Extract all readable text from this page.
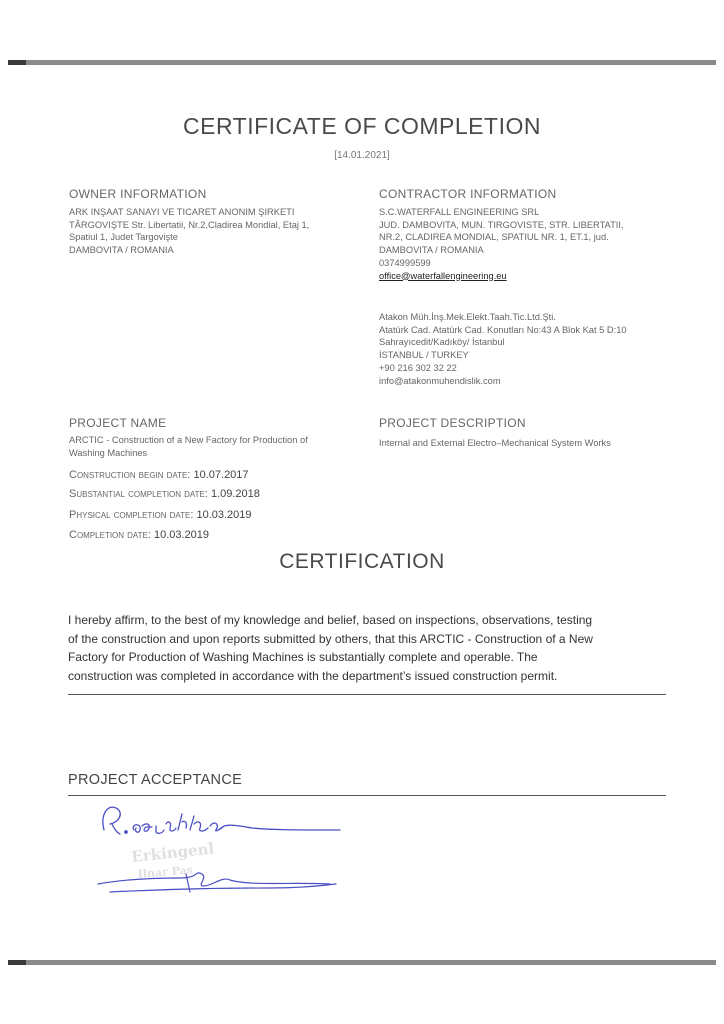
CERTIFICATE OF COMPLETION
[14.01.2021]
OWNER INFORMATION
ARK INŞAAT SANAYI VE TICARET ANONIM ŞIRKETI
TÂRGOVIŞTE Str. Libertatii, Nr.2,Cladirea Mondial, Etaj 1,
Spatiul 1, Judet Targovişte
DAMBOVITA / ROMANIA
CONTRACTOR INFORMATION
S.C.WATERFALL ENGINEERING SRL
JUD. DAMBOVITA, MUN. TIRGOVISTE, STR. LIBERTATII,
NR.2, CLADIREA MONDIAL, SPATIUL NR. 1, ET.1, jud.
DAMBOVITA / ROMANIA
0374999599
office@waterfallengineering.eu
Atakon Müh.İnş.Mek.Elekt.Taah.Tic.Ltd.Şti.
Atatürk Cad. Atatürk Cad. Konutları No:43 A Blok Kat 5 D:10
Sahrayıcedit/Kadıköy/ İstanbul
İSTANBUL / TURKEY
+90 216 302 32 22
info@atakonmuhendislik.com
PROJECT NAME
ARCTIC - Construction of a New Factory for Production of
Washing Machines
PROJECT DESCRIPTION
Internal and External Electro–Mechanical System Works
Construction begin date: 10.07.2017
Substantial completion date: 1.09.2018
Physical completion date: 10.03.2019
Completion date: 10.03.2019
CERTIFICATION
I hereby affirm, to the best of my knowledge and belief, based on inspections, observations, testing
of the construction and upon reports submitted by others, that this ARCTIC - Construction of a New
Factory for Production of Washing Machines is substantially complete and operable. The
construction was completed in accordance with the department’s issued construction permit.
PROJECT ACCEPTANCE
Erkingenl
Ilnar Pas
